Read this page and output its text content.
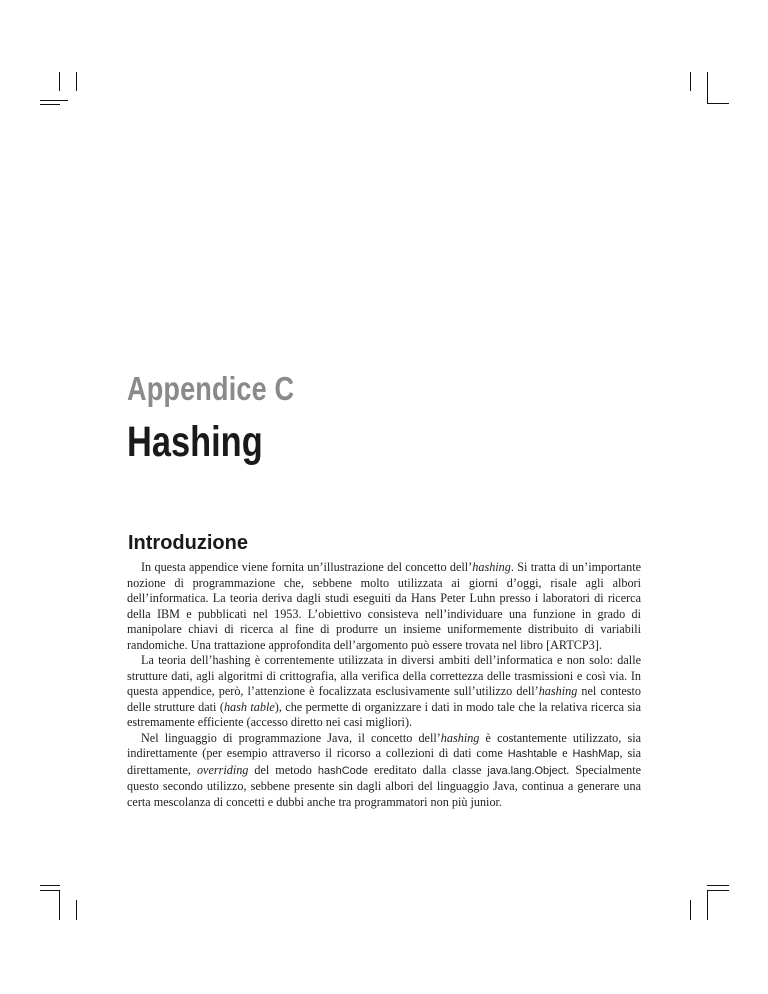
Appendice C
Hashing
Introduzione

In questa appendice viene fornita un’illustrazione del concetto dell’hashing. Si tratta di un’importante nozione di programmazione che, sebbene molto utilizzata ai giorni d’oggi, risale agli albori dell’informatica. La teoria deriva dagli studi eseguiti da Hans Peter Luhn presso i laboratori di ricerca della IBM e pubblicati nel 1953. L’obiettivo consisteva nell’individuare una funzione in grado di manipolare chiavi di ricerca al fine di produrre un insieme uniformemente distribuito di variabili randomiche. Una trattazione approfondita dell’argomento può essere trovata nel libro [ARTCP3].

La teoria dell’hashing è correntemente utilizzata in diversi ambiti dell’informatica e non solo: dalle strutture dati, agli algoritmi di crittografia, alla verifica della correttezza delle trasmissioni e così via. In questa appendice, però, l’attenzione è focalizzata esclusivamente sull’utilizzo dell’hashing nel contesto delle strutture dati (hash table), che permette di organizzare i dati in modo tale che la relativa ricerca sia estremamente efficiente (accesso diretto nei casi migliori).

Nel linguaggio di programmazione Java, il concetto dell’hashing è costantemente utilizzato, sia indirettamente (per esempio attraverso il ricorso a collezioni di dati come Hashtable e HashMap, sia direttamente, overriding del metodo hashCode ereditato dalla classe java.lang.Object. Specialmente questo secondo utilizzo, sebbene presente sin dagli albori del linguaggio Java, continua a generare una certa mescolanza di concetti e dubbi anche tra programmatori non più junior.
